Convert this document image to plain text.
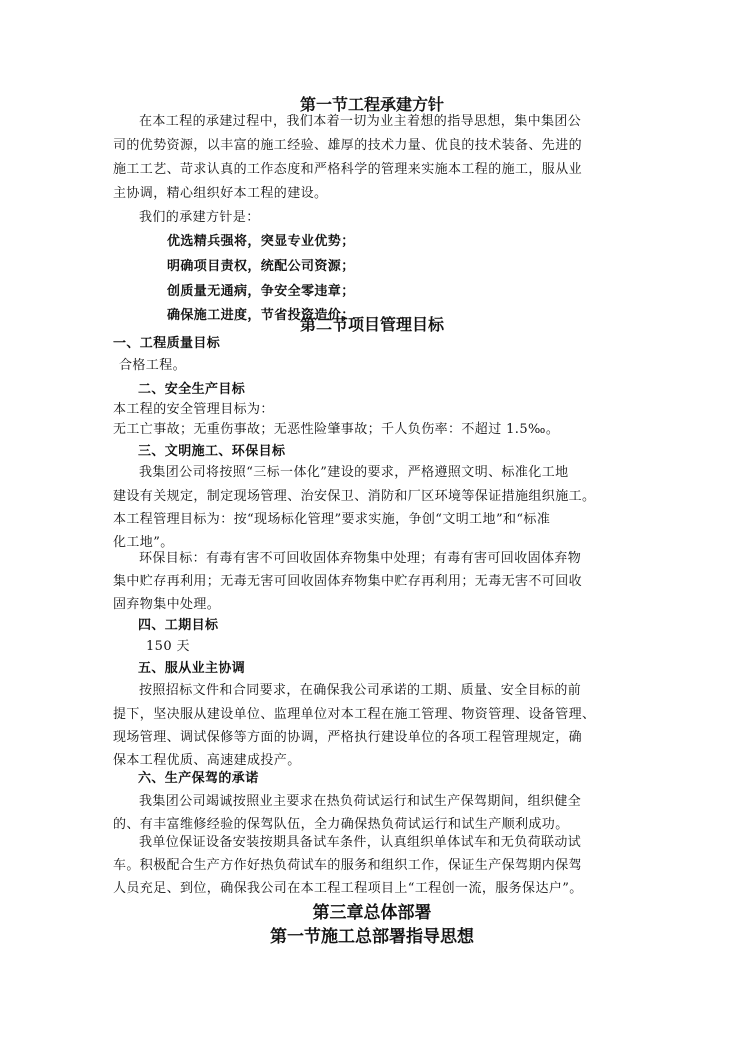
第一节工程承建方针
在本工程的承建过程中，我们本着一切为业主着想的指导思想，集中集团公
司的优势资源，以丰富的施工经验、雄厚的技术力量、优良的技术装备、先进的
施工工艺、苛求认真的工作态度和严格科学的管理来实施本工程的施工，服从业
主协调，精心组织好本工程的建设。
我们的承建方针是：
优选精兵强将，突显专业优势；
明确项目责权，统配公司资源；
创质量无通病，争安全零违章；
确保施工进度，节省投资造价；
第二节项目管理目标
一、工程质量目标
合格工程。
二、安全生产目标
本工程的安全管理目标为：
无工亡事故；无重伤事故；无恶性险肇事故；千人负伤率：不超过 1.5‰。
三、文明施工、环保目标
我集团公司将按照“三标一体化”建设的要求，严格遵照文明、标准化工地
建设有关规定，制定现场管理、治安保卫、消防和厂区环境等保证措施组织施工。
本工程管理目标为：按“现场标化管理”要求实施，争创“文明工地”和“标准
化工地”。
环保目标：有毒有害不可回收固体弃物集中处理；有毒有害可回收固体弃物
集中贮存再利用；无毒无害可回收固体弃物集中贮存再利用；无毒无害不可回收
固弃物集中处理。
四、工期目标
150 天
五、服从业主协调
按照招标文件和合同要求，在确保我公司承诺的工期、质量、安全目标的前
提下，坚决服从建设单位、监理单位对本工程在施工管理、物资管理、设备管理、
现场管理、调试保修等方面的协调，严格执行建设单位的各项工程管理规定，确
保本工程优质、高速建成投产。
六、生产保驾的承诺
我集团公司竭诚按照业主要求在热负荷试运行和试生产保驾期间，组织健全
的、有丰富维修经验的保驾队伍，全力确保热负荷试运行和试生产顺利成功。
我单位保证设备安装按期具备试车条件，认真组织单体试车和无负荷联动试
车。积极配合生产方作好热负荷试车的服务和组织工作，保证生产保驾期内保驾
人员充足、到位，确保我公司在本工程工程项目上“工程创一流，服务保达户”。
第三章总体部署
第一节施工总部署指导思想
